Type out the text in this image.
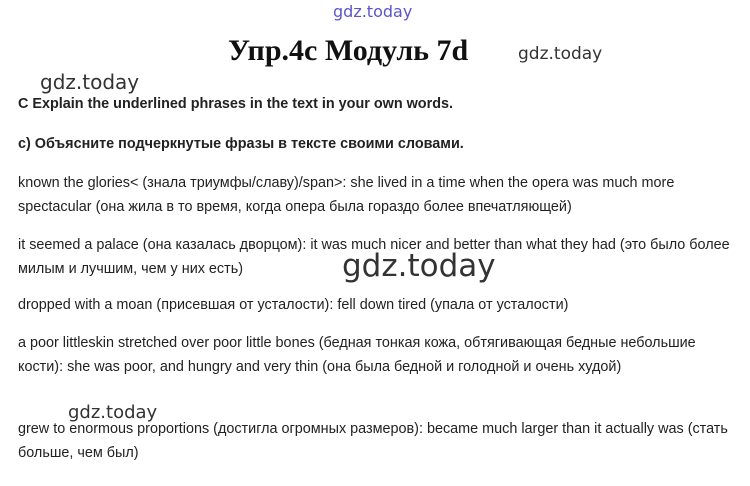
gdz.today
Упр.4c Модуль 7d	gdz.today
gdz.today
C Explain the underlined phrases in the text in your own words.
с) Объясните подчеркнутые фразы в тексте своими словами.
known the glories< (знала триумфы/славу)/span>: she lived in a time when the opera was much more spectacular (она жила в то время, когда опера была гораздо более впечатляющей)
it seemed a palace (она казалась дворцом): it was much nicer and better than what they had (это было более милым и лучшим, чем у них есть)	gdz.today
dropped with a moan (присевшая от усталости): fell down tired (упала от усталости)
a poor littleskin stretched over poor little bones (бедная тонкая кожа, обтягивающая бедные небольшие кости): she was poor, and hungry and very thin (она была бедной и голодной и очень худой)
gdz.today
grew to enormous proportions (достигла огромных размеров): became much larger than it actually was (стать больше, чем был)
